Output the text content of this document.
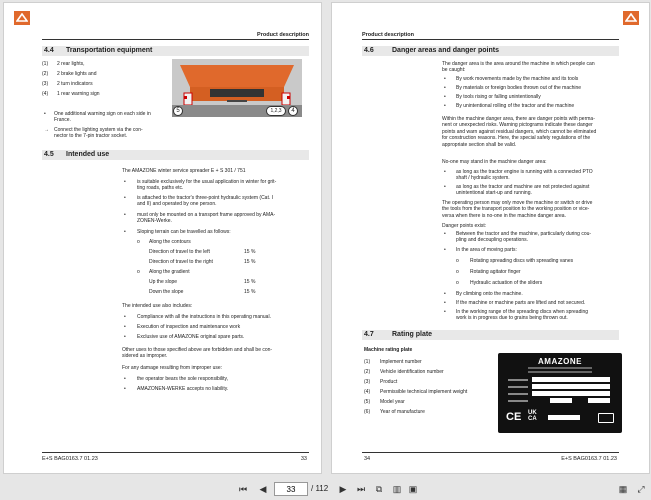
Product description
4.4 Transportation equipment
(1) 2 rear lights,
(2) 2 brake lights and
(3) 2 turn indicators
(4) 1 rear warning sign
• One additional warning sign on each side in
France.
→ Connect the lighting system via the con-
nector to the 7-pin tractor socket.
5	1,2,3	4
4.5 Intended use
The AMAZONE winter service spreader E + S 301 / 751
• is suitable exclusively for the usual application in winter for grit-
ting roads, paths etc.
• is attached to the tractor's three-point hydraulic system (Cat. I
and II) and operated by one person.
• must only be mounted on a transport frame approved by AMA-
ZONEN-Werke.
• Sloping terrain can be travelled as follows:
o Along the contours
Direction of travel to the left	15 %
Direction of travel to the right	15 %
o Along the gradient
Up the slope	15 %
Down the slope	15 %
The intended use also includes:
• Compliance with all the instructions in this operating manual.
• Execution of inspection and maintenance work
• Exclusive use of AMAZONE original spare parts.
Other uses to those specified above are forbidden and shall be con-
sidered as improper.
For any damage resulting from improper use:
• the operator bears the sole responsibility,
• AMAZONEN-WERKE accepts no liability.
E+S BAG0163.7 01.23	33
Product description
4.6	Danger areas and danger points
The danger area is the area around the machine in which people can
be caught:
• By work movements made by the machine and its tools
• By materials or foreign bodies thrown out of the machine
• By tools rising or falling unintentionally
• By unintentional rolling of the tractor and the machine
Within the machine danger area, there are danger points with perma-
nent or unexpected risks. Warning pictograms indicate these danger
points and warn against residual dangers, which cannot be eliminated
for construction reasons. Here, the special safety regulations of the
appropriate section shall be valid.
No-one may stand in the machine danger area:
• as long as the tractor engine is running with a connected PTO
shaft / hydraulic system.
• as long as the tractor and machine are not protected against
unintentional start-up and running.
The operating person may only move the machine or switch or drive
the tools from the transport position to the working position or vice-
versa when there is no-one in the machine danger area.
Danger points exist:
• Between the tractor and the machine, particularly during cou-
pling and decoupling operations.
• In the area of moving parts:
o Rotating spreading discs with spreading vanes
o Rotating agitator finger
o Hydraulic actuation of the sliders
• By climbing onto the machine.
• If the machine or machine parts are lifted and not secured.
• In the working range of the spreading discs when spreading
work is in progress due to grains being thrown out.
4.7	Rating plate
Machine rating plate
(1) Implement number
(2) Vehicle identification number
(3) Product
(4) Permissible technical implement weight
(5) Model year
(6) Year of manufacture
AMAZONE
CE UK
CA
34	E+S BAG0163.7 01.23
⏮	◀
33	/ 112	▶	⏭	⧉	▥ ▣	▦	⤢
